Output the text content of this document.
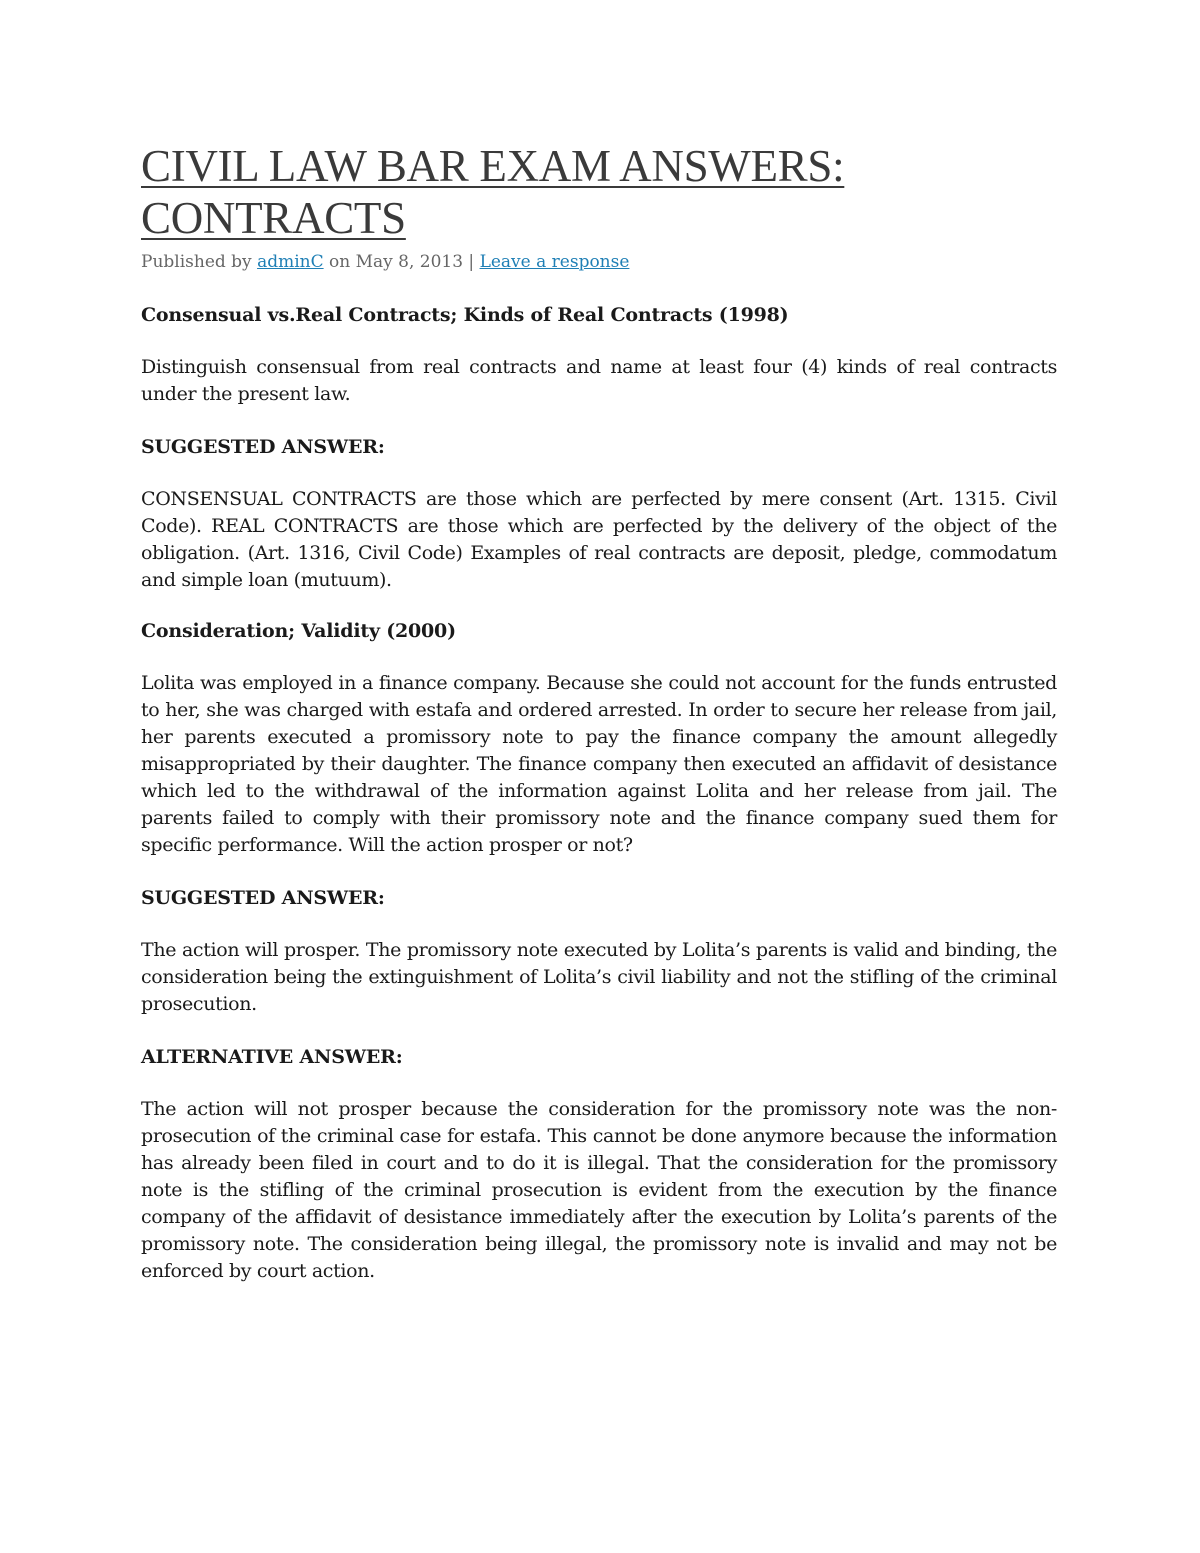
CIVIL LAW BAR EXAM ANSWERS:
CONTRACTS
Published by adminC on May 8, 2013 | Leave a response
Consensual vs.Real Contracts; Kinds of Real Contracts (1998)

Distinguish consensual from real contracts and name at least four (4) kinds of real contracts under the present law.

SUGGESTED ANSWER:

CONSENSUAL CONTRACTS are those which are perfected by mere consent (Art. 1315. Civil Code). REAL CONTRACTS are those which are perfected by the delivery of the object of the obligation. (Art. 1316, Civil Code) Examples of real contracts are deposit, pledge, commodatum and simple loan (mutuum).

Consideration; Validity (2000)

Lolita was employed in a finance company. Because she could not account for the funds entrusted to her, she was charged with estafa and ordered arrested. In order to secure her release from jail, her parents executed a promissory note to pay the finance company the amount allegedly misappropriated by their daughter. The finance company then executed an affidavit of desistance which led to the withdrawal of the information against Lolita and her release from jail. The parents failed to comply with their promissory note and the finance company sued them for specific performance. Will the action prosper or not?

SUGGESTED ANSWER:

The action will prosper. The promissory note executed by Lolita’s parents is valid and binding, the consideration being the extinguishment of Lolita’s civil liability and not the stifling of the criminal prosecution.

ALTERNATIVE ANSWER:

The action will not prosper because the consideration for the promissory note was the non-prosecution of the criminal case for estafa. This cannot be done anymore because the information has already been filed in court and to do it is illegal. That the consideration for the promissory note is the stifling of the criminal prosecution is evident from the execution by the finance company of the affidavit of desistance immediately after the execution by Lolita’s parents of the promissory note. The consideration being illegal, the promissory note is invalid and may not be enforced by court action.
